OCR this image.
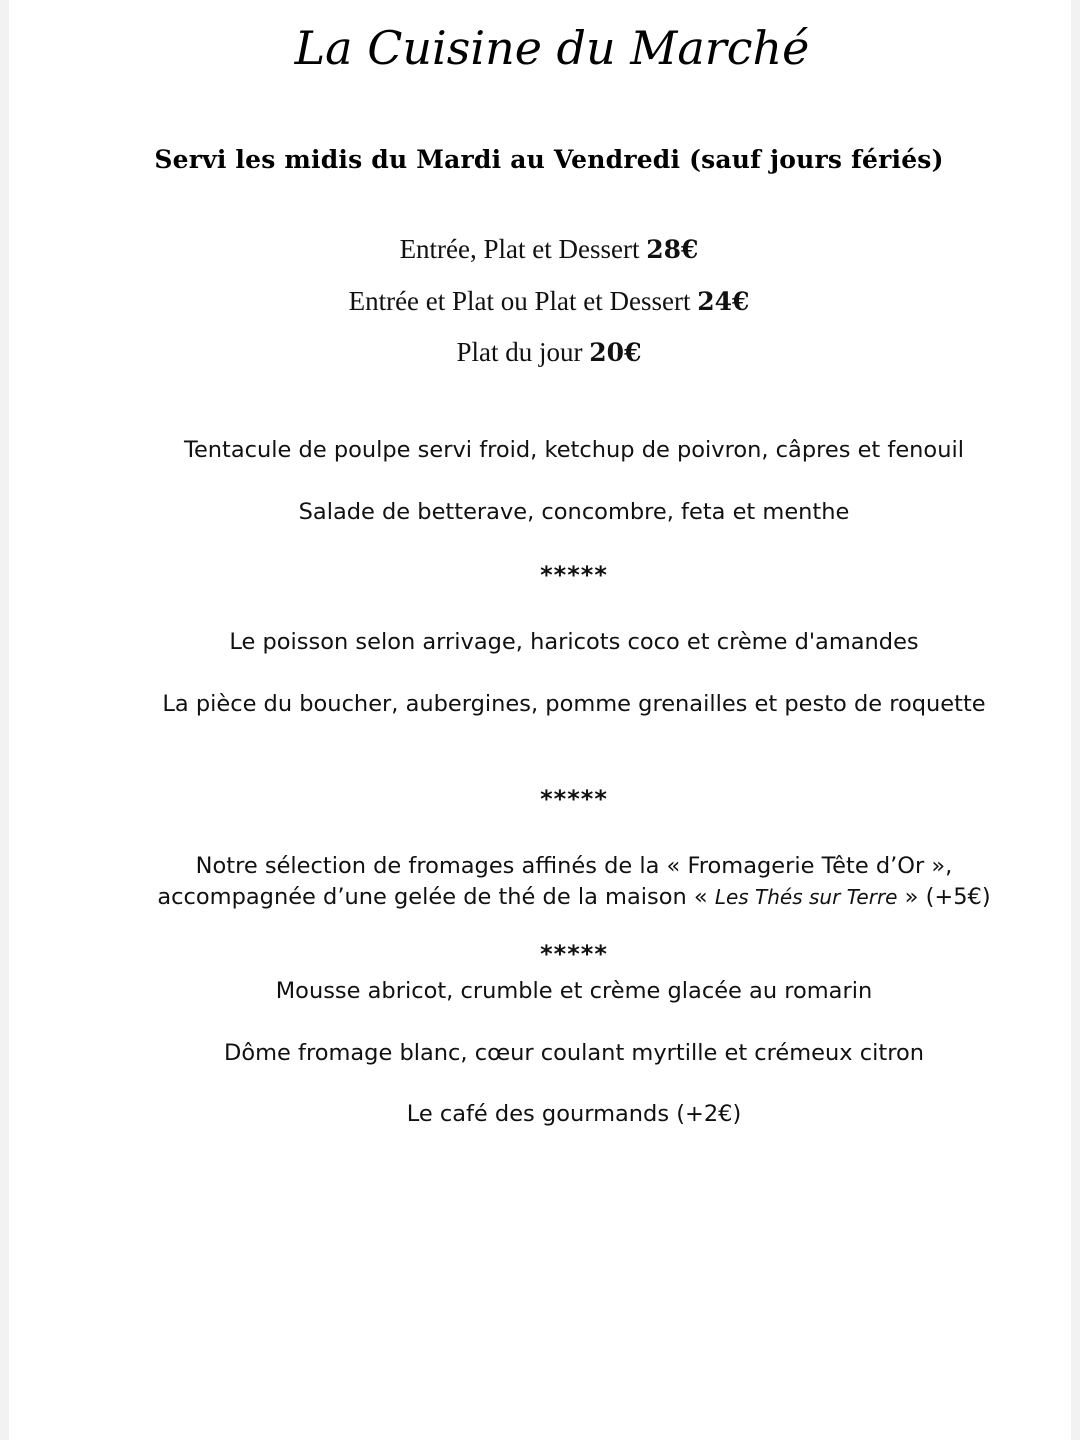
La Cuisine du Marché
Servi les midis du Mardi au Vendredi (sauf jours fériés)
Entrée, Plat et Dessert 28€
Entrée et Plat ou Plat et Dessert 24€
Plat du jour 20€
Tentacule de poulpe servi froid, ketchup de poivron, câpres et fenouil
Salade de betterave, concombre, feta et menthe
*****
Le poisson selon arrivage, haricots coco et crème d'amandes
La pièce du boucher, aubergines, pomme grenailles et pesto de roquette
*****
Notre sélection de fromages affinés de la « Fromagerie Tête d’Or »,
accompagnée d’une gelée de thé de la maison « Les Thés sur Terre » (+5€)
*****
Mousse abricot, crumble et crème glacée au romarin
Dôme fromage blanc, cœur coulant myrtille et crémeux citron
Le café des gourmands (+2€)
